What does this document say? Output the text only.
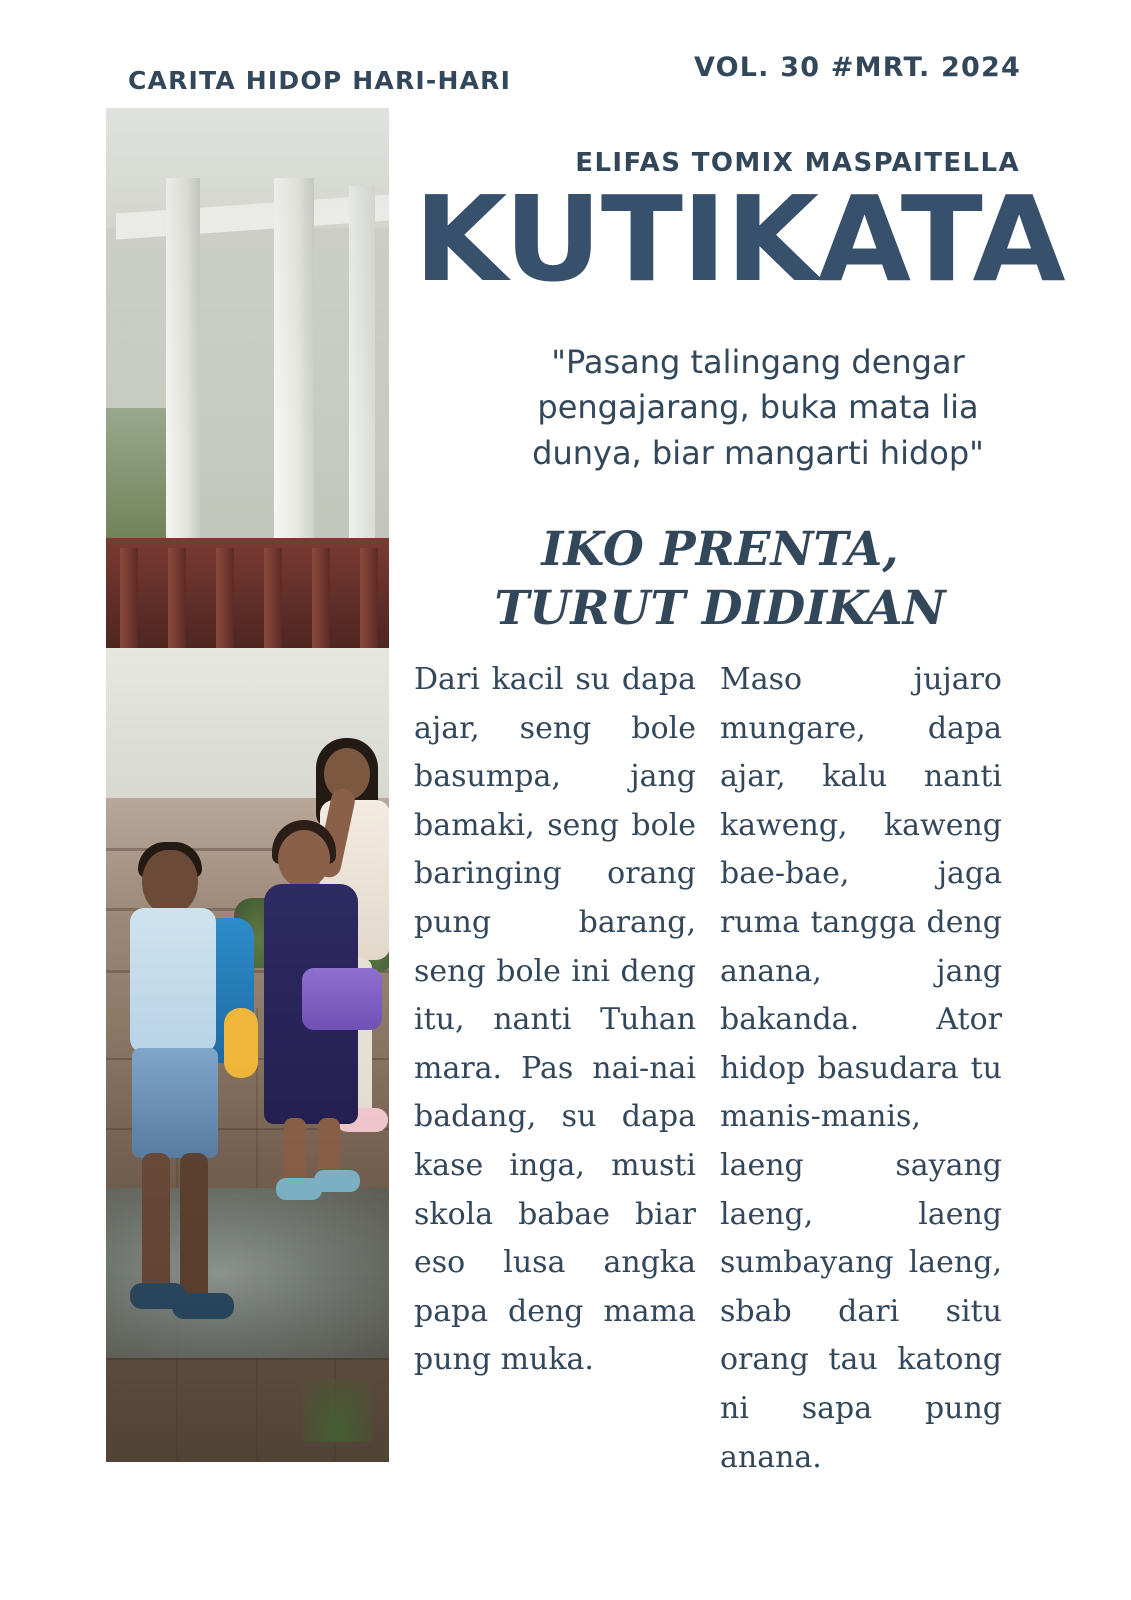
CARITA HIDOP HARI-HARI	VOL. 30 #MRT. 2024
ELIFAS TOMIX MASPAITELLA
KUTIKATA
"Pasang talingang dengar pengajarang, buka mata lia dunya, biar mangarti hidop"
IKO PRENTA,
TURUT DIDIKAN
Dari kacil su dapa ajar, seng bole basumpa, jang bamaki, seng bole baringing orang pung barang, seng bole ini deng itu, nanti Tuhan mara. Pas nai-nai badang, su dapa kase inga, musti skola babae biar eso lusa angka papa deng mama pung muka.
Maso jujaro mungare, dapa ajar, kalu nanti kaweng, kaweng bae-bae, jaga ruma tangga deng anana, jang bakanda. Ator hidop basudara tu manis-manis, laeng sayang laeng, laeng sumbayang laeng, sbab dari situ orang tau katong ni sapa pung anana.
